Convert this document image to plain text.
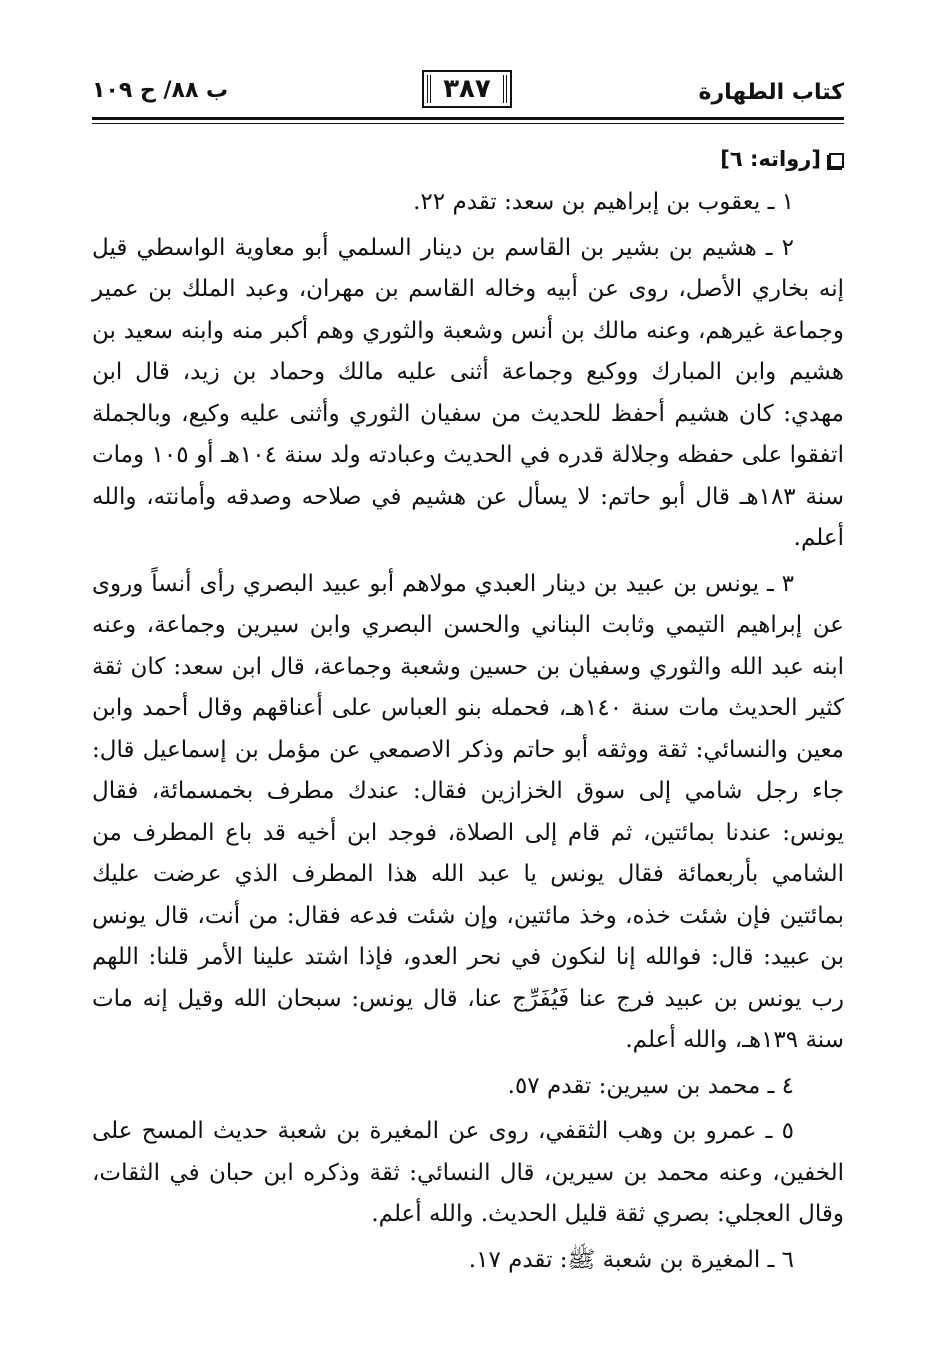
كتاب الطهارة
٣٨٧
ب ٨٨/ ح ١٠٩
[رواته: ٦]

١ ـ يعقوب بن إبراهيم بن سعد: تقدم ٢٢.

٢ ـ هشيم بن بشير بن القاسم بن دينار السلمي أبو معاوية الواسطي قيل إنه بخاري الأصل، روى عن أبيه وخاله القاسم بن مهران، وعبد الملك بن عمير وجماعة غيرهم، وعنه مالك بن أنس وشعبة والثوري وهم أكبر منه وابنه سعيد بن هشيم وابن المبارك ووكيع وجماعة أثنى عليه مالك وحماد بن زيد، قال ابن مهدي: كان هشيم أحفظ للحديث من سفيان الثوري وأثنى عليه وكيع، وبالجملة اتفقوا على حفظه وجلالة قدره في الحديث وعبادته ولد سنة ١٠٤هـ أو ١٠٥ ومات سنة ١٨٣هـ قال أبو حاتم: لا يسأل عن هشيم في صلاحه وصدقه وأمانته، والله أعلم.

٣ ـ يونس بن عبيد بن دينار العبدي مولاهم أبو عبيد البصري رأى أنساً وروى عن إبراهيم التيمي وثابت البناني والحسن البصري وابن سيرين وجماعة، وعنه ابنه عبد الله والثوري وسفيان بن حسين وشعبة وجماعة، قال ابن سعد: كان ثقة كثير الحديث مات سنة ١٤٠هـ، فحمله بنو العباس على أعناقهم وقال أحمد وابن معين والنسائي: ثقة ووثقه أبو حاتم وذكر الاصمعي عن مؤمل بن إسماعيل قال: جاء رجل شامي إلى سوق الخزازين فقال: عندك مطرف بخمسمائة، فقال يونس: عندنا بمائتين، ثم قام إلى الصلاة، فوجد ابن أخيه قد باع المطرف من الشامي بأربعمائة فقال يونس يا عبد الله هذا المطرف الذي عرضت عليك بمائتين فإن شئت خذه، وخذ مائتين، وإن شئت فدعه فقال: من أنت، قال يونس بن عبيد: قال: فوالله إنا لنكون في نحر العدو، فإذا اشتد علينا الأمر قلنا: اللهم رب يونس بن عبيد فرج عنا فَيُفَرِّج عنا، قال يونس: سبحان الله وقيل إنه مات سنة ١٣٩هـ، والله أعلم.

٤ ـ محمد بن سيرين: تقدم ٥٧.

٥ ـ عمرو بن وهب الثقفي، روى عن المغيرة بن شعبة حديث المسح على الخفين، وعنه محمد بن سيرين، قال النسائي: ثقة وذكره ابن حبان في الثقات، وقال العجلي: بصري ثقة قليل الحديث. والله أعلم.

٦ ـ المغيرة بن شعبة ﷺ: تقدم ١٧.
